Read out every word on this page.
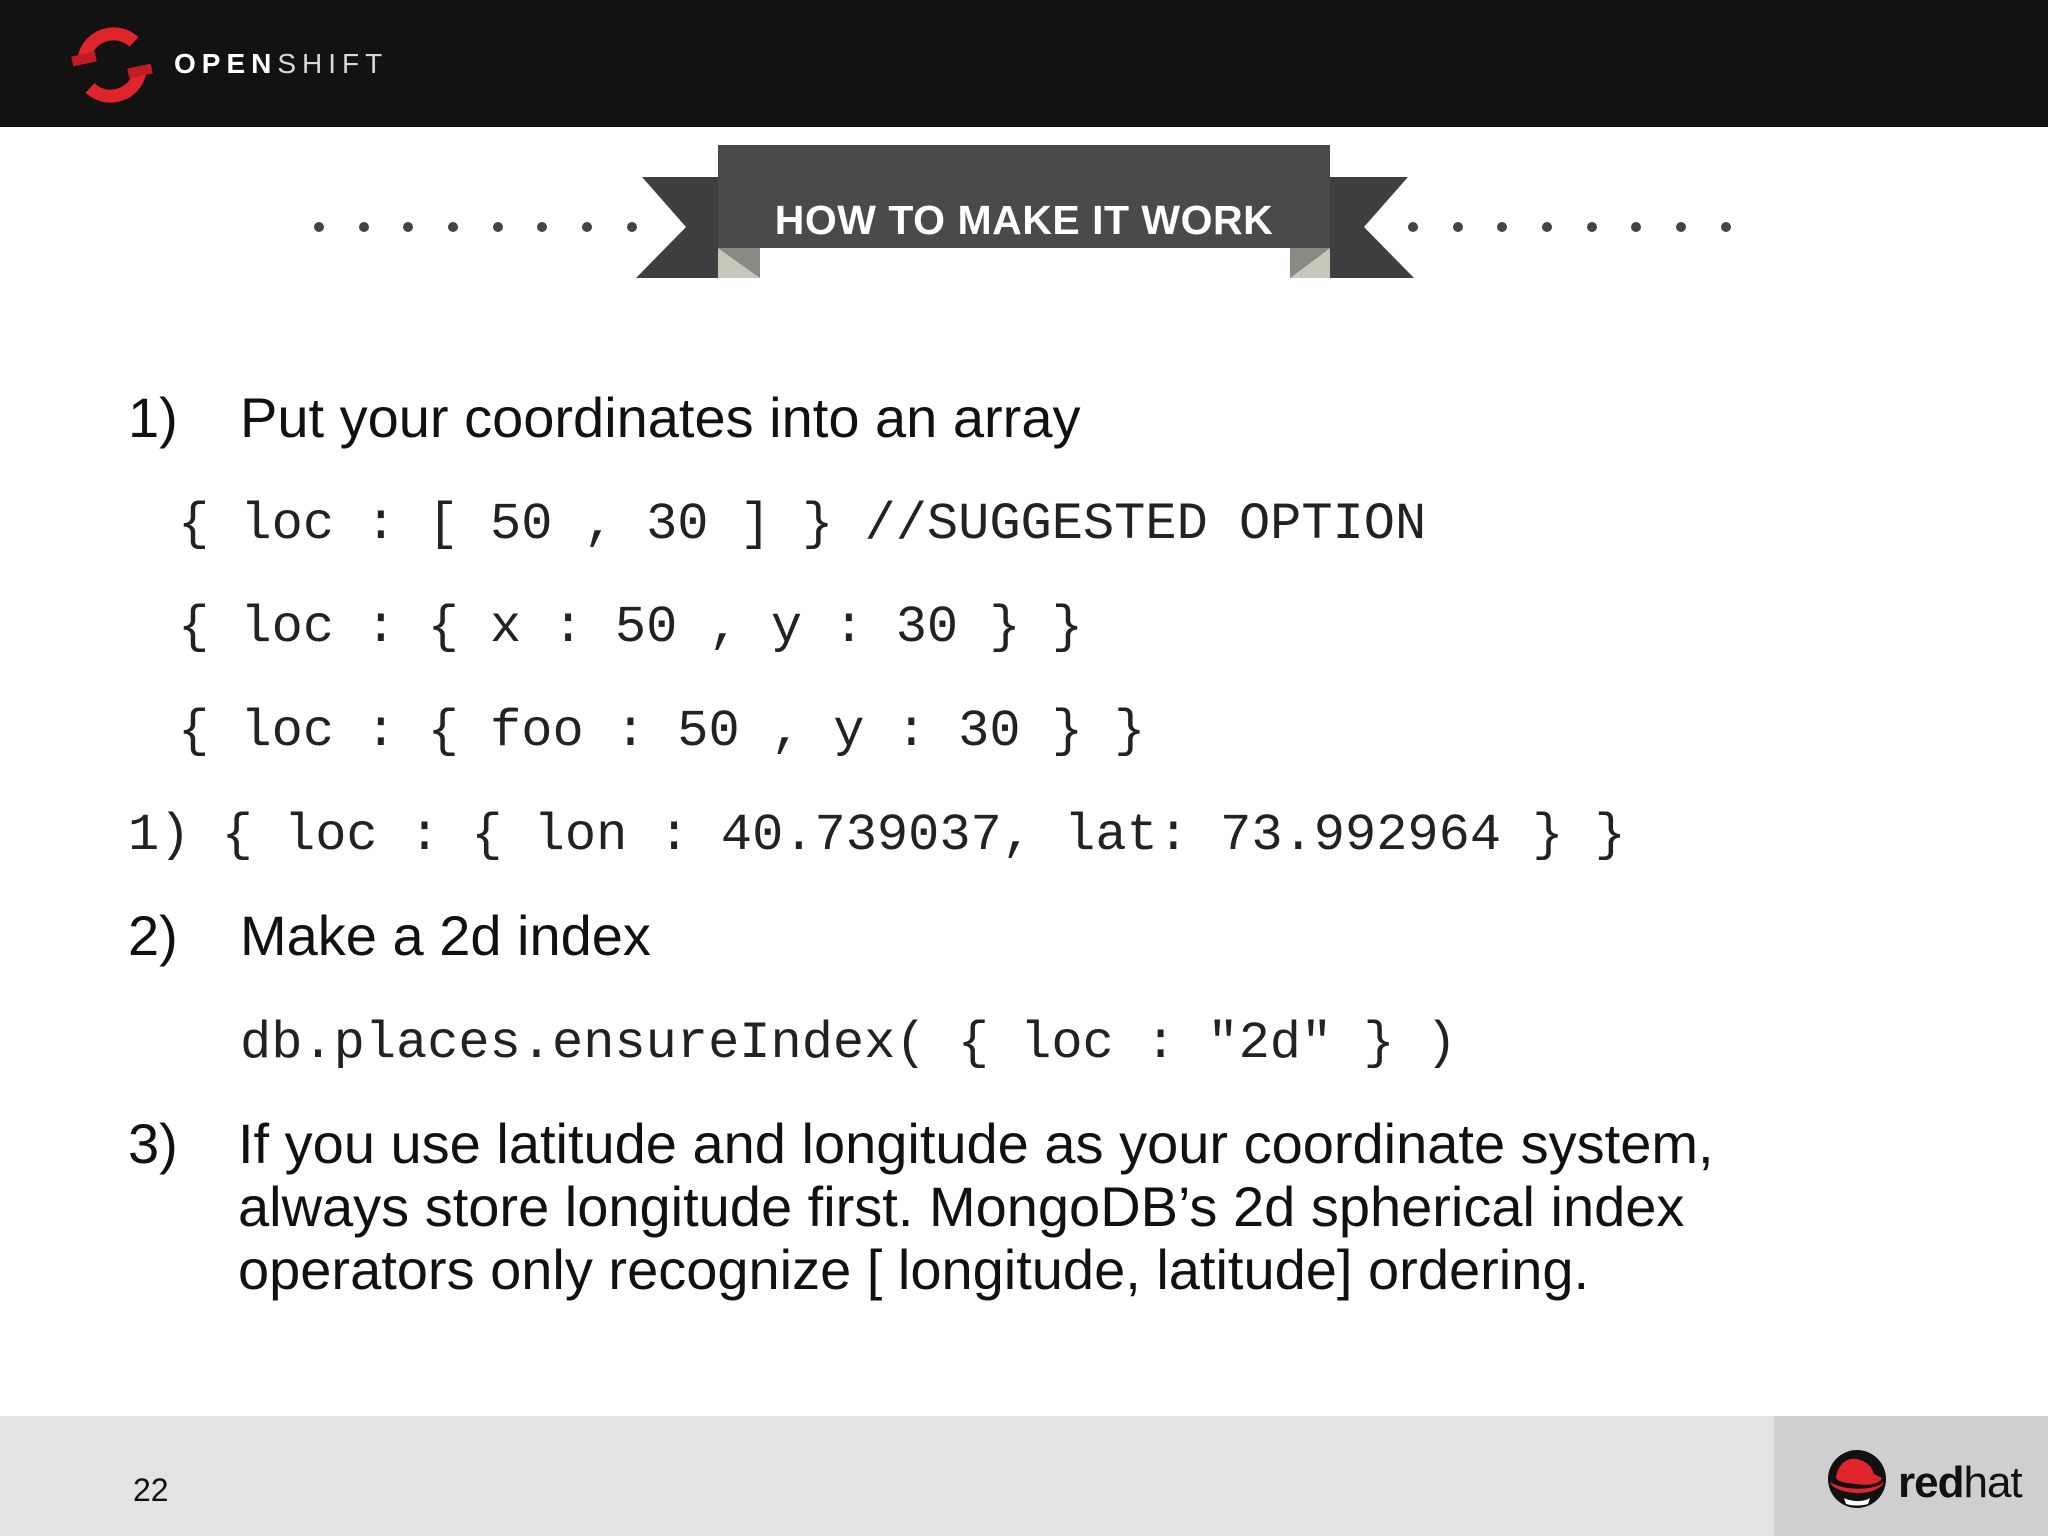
OPENSHIFT
HOW TO MAKE IT WORK
1) Put your coordinates into an array
{ loc : [ 50 , 30 ] } //SUGGESTED OPTION
{ loc : { x : 50 , y : 30 } }
{ loc : { foo : 50 , y : 30 } }
1) { loc : { lon : 40.739037, lat: 73.992964 } }
2) Make a 2d index
db.places.ensureIndex( { loc : "2d" } )
3) If you use latitude and longitude as your coordinate system, always store longitude first. MongoDB’s 2d spherical index operators only recognize [ longitude, latitude] ordering.
22	redhat
